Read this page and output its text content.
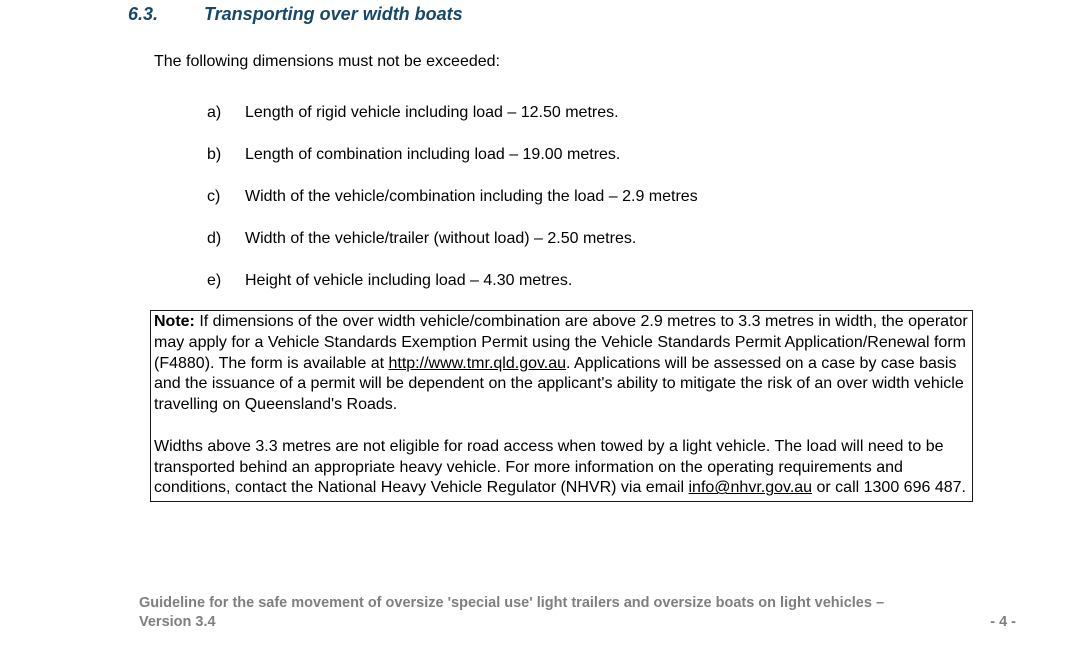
6.3.	Transporting over width boats

The following dimensions must not be exceeded:

a)	Length of rigid vehicle including load – 12.50 metres.
b)	Length of combination including load – 19.00 metres.
c)	Width of the vehicle/combination including the load – 2.9 metres
d)	Width of the vehicle/trailer (without load) – 2.50 metres.
e)	Height of vehicle including load – 4.30 metres.

Note: If dimensions of the over width vehicle/combination are above 2.9 metres to 3.3 metres in width, the operator may apply for a Vehicle Standards Exemption Permit using the Vehicle Standards Permit Application/Renewal form (F4880). The form is available at http://www.tmr.qld.gov.au. Applications will be assessed on a case by case basis and the issuance of a permit will be dependent on the applicant's ability to mitigate the risk of an over width vehicle travelling on Queensland's Roads.

Widths above 3.3 metres are not eligible for road access when towed by a light vehicle. The load will need to be transported behind an appropriate heavy vehicle. For more information on the operating requirements and conditions, contact the National Heavy Vehicle Regulator (NHVR) via email info@nhvr.gov.au or call 1300 696 487.

Guideline for the safe movement of oversize 'special use' light trailers and oversize boats on light vehicles – Version 3.4	- 4 -
